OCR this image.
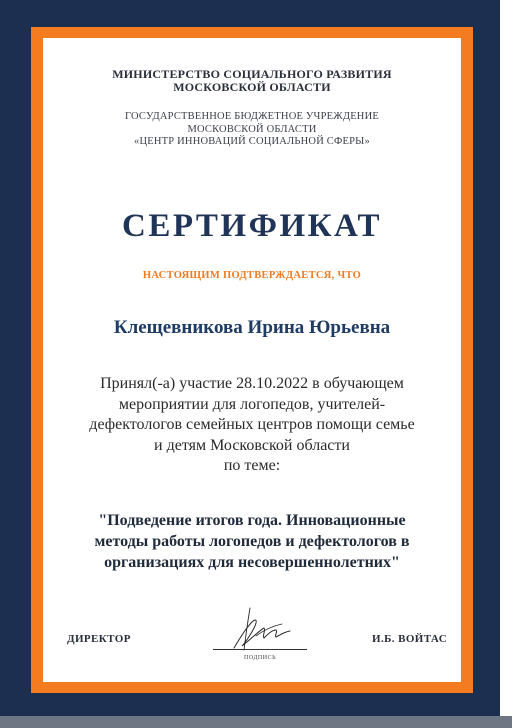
МИНИСТЕРСТВО СОЦИАЛЬНОГО РАЗВИТИЯ
МОСКОВСКОЙ ОБЛАСТИ
ГОСУДАРСТВЕННОЕ БЮДЖЕТНОЕ УЧРЕЖДЕНИЕ
МОСКОВСКОЙ ОБЛАСТИ
«ЦЕНТР ИННОВАЦИЙ СОЦИАЛЬНОЙ СФЕРЫ»
СЕРТИФИКАТ
НАСТОЯЩИМ ПОДТВЕРЖДАЕТСЯ, ЧТО
Клещевникова Ирина Юрьевна
Принял(-а) участие 28.10.2022 в обучающем
мероприятии для логопедов, учителей-
дефектологов семейных центров помощи семье
и детям Московской области
по теме:
"Подведение итогов года. Инновационные
методы работы логопедов и дефектологов в
организациях для несовершеннолетних"
ДИРЕКТОР
ПОДПИСЬ
И.Б. ВОЙТАС
